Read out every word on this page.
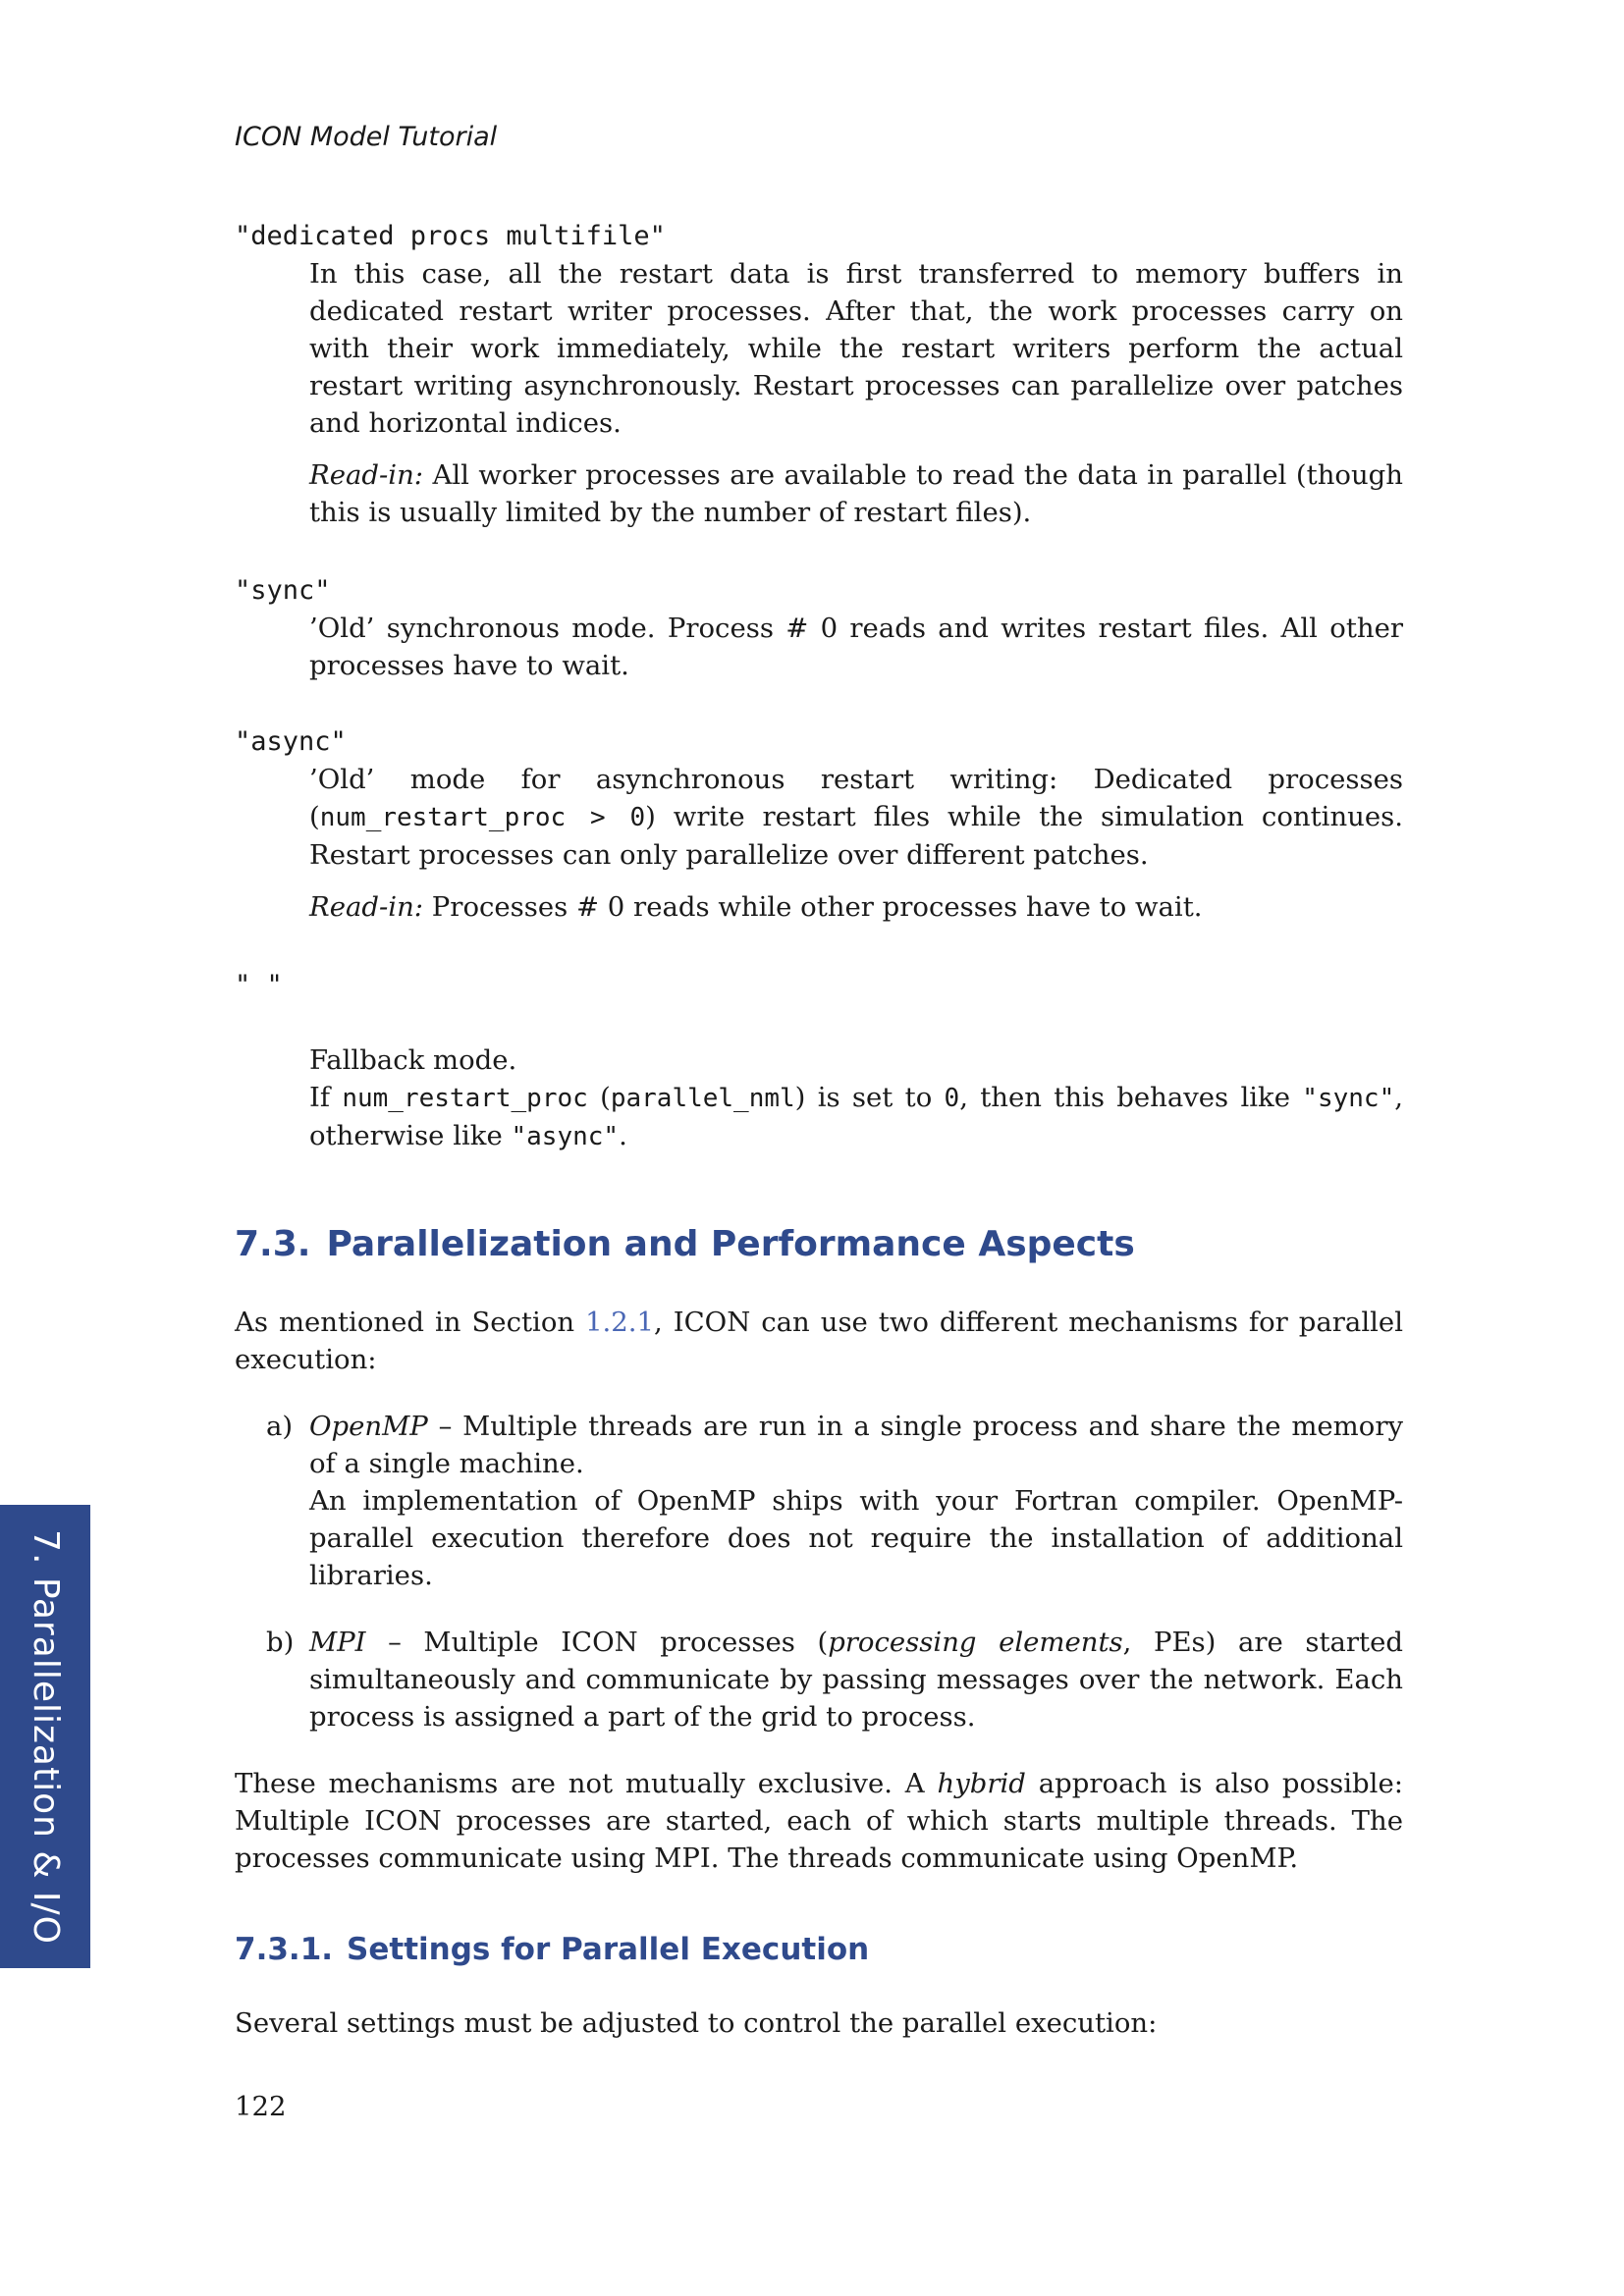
ICON Model Tutorial

"dedicated procs multifile"

In this case, all the restart data is first transferred to memory buffers in dedicated restart writer processes. After that, the work processes carry on with their work immediately, while the restart writers perform the actual restart writing asynchronously. Restart processes can parallelize over patches and horizontal indices.

Read-in: All worker processes are available to read the data in parallel (though this is usually limited by the number of restart files).

"sync"

’Old’ synchronous mode. Process # 0 reads and writes restart files. All other processes have to wait.

"async"

’Old’ mode for asynchronous restart writing: Dedicated processes (num_restart_proc > 0) write restart files while the simulation continues. Restart processes can only parallelize over different patches.

Read-in: Processes # 0 reads while other processes have to wait.

" "

Fallback mode.
If num_restart_proc (parallel_nml) is set to 0, then this behaves like "sync", otherwise like "async".

7.3. Parallelization and Performance Aspects

As mentioned in Section 1.2.1, ICON can use two different mechanisms for parallel execution:

a) OpenMP – Multiple threads are run in a single process and share the memory of a single machine.
An implementation of OpenMP ships with your Fortran compiler. OpenMP-parallel execution therefore does not require the installation of additional libraries.

b) MPI – Multiple ICON processes (processing elements, PEs) are started simultaneously and communicate by passing messages over the network. Each process is assigned a part of the grid to process.

These mechanisms are not mutually exclusive. A hybrid approach is also possible: Multiple ICON processes are started, each of which starts multiple threads. The processes communicate using MPI. The threads communicate using OpenMP.

7.3.1. Settings for Parallel Execution

Several settings must be adjusted to control the parallel execution:

122
7. Parallelization & I/O
